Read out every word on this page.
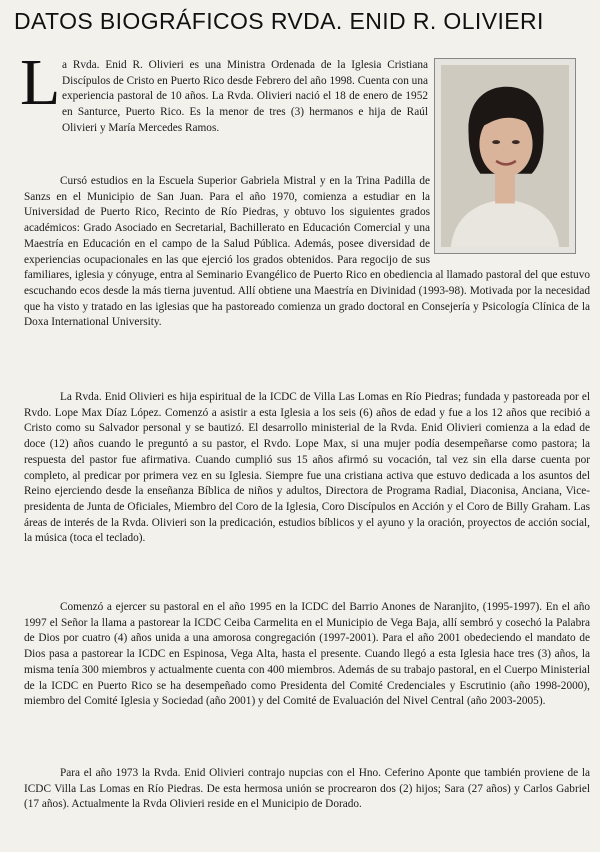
DATOS BIOGRÁFICOS RVDA. ENID R. OLIVIERI
L a Rvda. Enid R. Olivieri es una Ministra Ordenada de la Iglesia Cristiana Discípulos de Cristo en Puerto Rico desde Febrero del año 1998. Cuenta con una experiencia pastoral de 10 años. La Rvda. Olivieri nació el 18 de enero de 1952 en Santurce, Puerto Rico. Es la menor de tres (3) hermanos e hija de Raúl Olivieri y María Mercedes Ramos.

Cursó estudios en la Escuela Superior Gabriela Mistral y en la Trina Padilla de Sanzs en el Municipio de San Juan. Para el año 1970, comienza a estudiar en la Universidad de Puerto Rico, Recinto de Río Piedras, y obtuvo los siguientes grados académicos: Grado Asociado en Secretarial, Bachillerato en Educación Comercial y una Maestría en Educación en el campo de la Salud Pública. Además, posee diversidad de experiencias ocupacionales en las que ejerció los grados obtenidos. Para regocijo de sus familiares, iglesia y cónyuge, entra al Seminario Evangélico de Puerto Rico en obediencia al llamado pastoral del que estuvo escuchando ecos desde la más tierna juventud. Allí obtiene una Maestría en Divinidad (1993-98). Motivada por la necesidad que ha visto y tratado en las iglesias que ha pastoreado comienza un grado doctoral en Consejería y Psicología Clínica de la Doxa International University.

La Rvda. Enid Olivieri es hija espiritual de la ICDC de Villa Las Lomas en Río Piedras; fundada y pastoreada por el Rvdo. Lope Max Díaz López. Comenzó a asistir a esta Iglesia a los seis (6) años de edad y fue a los 12 años que recibió a Cristo como su Salvador personal y se bautizó. El desarrollo ministerial de la Rvda. Enid Olivieri comienza a la edad de doce (12) años cuando le preguntó a su pastor, el Rvdo. Lope Max, si una mujer podía desempeñarse como pastora; la respuesta del pastor fue afirmativa. Cuando cumplió sus 15 años afirmó su vocación, tal vez sin ella darse cuenta por completo, al predicar por primera vez en su Iglesia. Siempre fue una cristiana activa que estuvo dedicada a los asuntos del Reino ejerciendo desde la enseñanza Bíblica de niños y adultos, Directora de Programa Radial, Diaconisa, Anciana, Vice-presidenta de Junta de Oficiales, Miembro del Coro de la Iglesia, Coro Discípulos en Acción y el Coro de Billy Graham. Las áreas de interés de la Rvda. Olivieri son la predicación, estudios bíblicos y el ayuno y la oración, proyectos de acción social, la música (toca el teclado).

Comenzó a ejercer su pastoral en el año 1995 en la ICDC del Barrio Anones de Naranjito, (1995-1997). En el año 1997 el Señor la llama a pastorear la ICDC Ceiba Carmelita en el Municipio de Vega Baja, allí sembró y cosechó la Palabra de Dios por cuatro (4) años unida a una amorosa congregación (1997-2001). Para el año 2001 obedeciendo el mandato de Dios pasa a pastorear la ICDC en Espinosa, Vega Alta, hasta el presente. Cuando llegó a esta Iglesia hace tres (3) años, la misma tenía 300 miembros y actualmente cuenta con 400 miembros. Además de su trabajo pastoral, en el Cuerpo Ministerial de la ICDC en Puerto Rico se ha desempeñado como Presidenta del Comité Credenciales y Escrutinio (año 1998-2000), miembro del Comité Iglesia y Sociedad (año 2001) y del Comité de Evaluación del Nivel Central (año 2003-2005).

Para el año 1973 la Rvda. Enid Olivieri contrajo nupcias con el Hno. Ceferino Aponte que también proviene de la ICDC Villa Las Lomas en Río Piedras. De esta hermosa unión se procrearon dos (2) hijos; Sara (27 años) y Carlos Gabriel (17 años). Actualmente la Rvda Olivieri reside en el Municipio de Dorado.
